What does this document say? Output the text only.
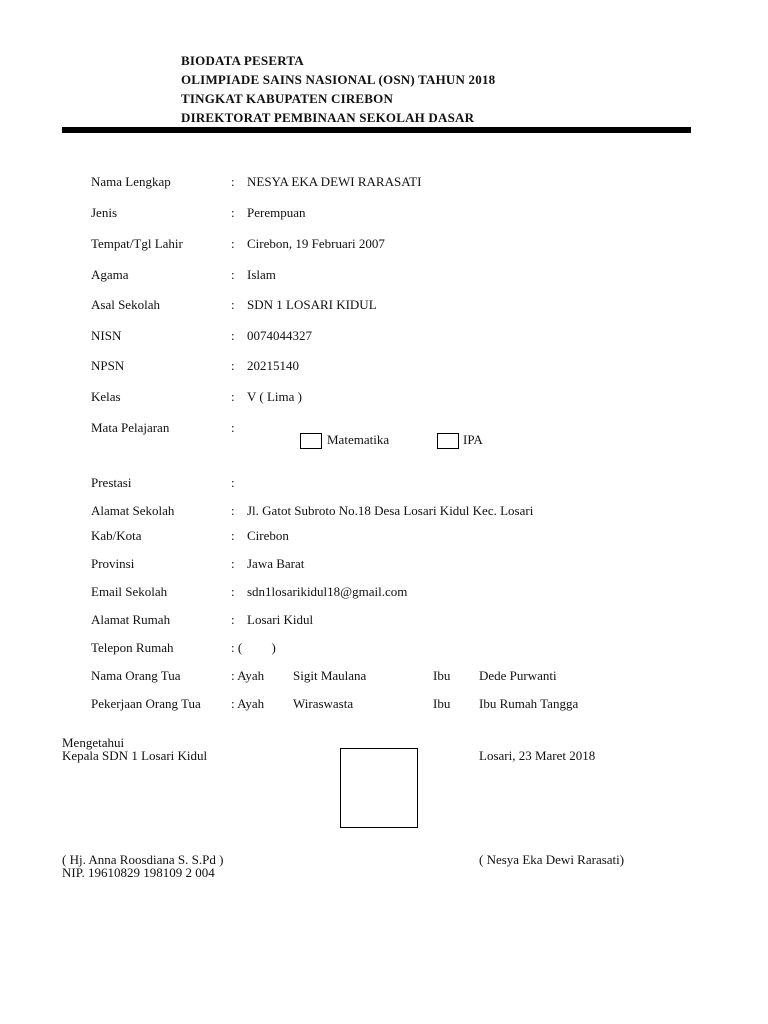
BIODATA PESERTA
OLIMPIADE SAINS NASIONAL (OSN) TAHUN 2018
TINGKAT KABUPATEN CIREBON
DIREKTORAT PEMBINAAN SEKOLAH DASAR
Nama Lengkap	: NESYA EKA DEWI RARASATI
Jenis	: Perempuan
Tempat/Tgl Lahir	: Cirebon, 19 Februari 2007
Agama	: Islam
Asal Sekolah	: SDN 1 LOSARI KIDUL
NISN	: 0074044327
NPSN	: 20215140
Kelas	: V ( Lima )
Mata Pelajaran	:
Matematika	IPA
Prestasi	:
Alamat Sekolah	: Jl. Gatot Subroto No.18 Desa Losari Kidul Kec. Losari
Kab/Kota	: Cirebon
Provinsi	: Jawa Barat
Email Sekolah	: sdn1losarikidul18@gmail.com
Alamat Rumah	: Losari Kidul
Telepon Rumah	: (         )
Nama Orang Tua	: Ayah Sigit Maulana	Ibu Dede Purwanti
Pekerjaan Orang Tua : Ayah Wiraswasta	Ibu Ibu Rumah Tangga
Mengetahui
Kepala SDN 1 Losari Kidul	Losari, 23 Maret 2018
( Hj. Anna Roosdiana S. S.Pd )
NIP. 19610829 198109 2 004
( Nesya Eka Dewi Rarasati)
